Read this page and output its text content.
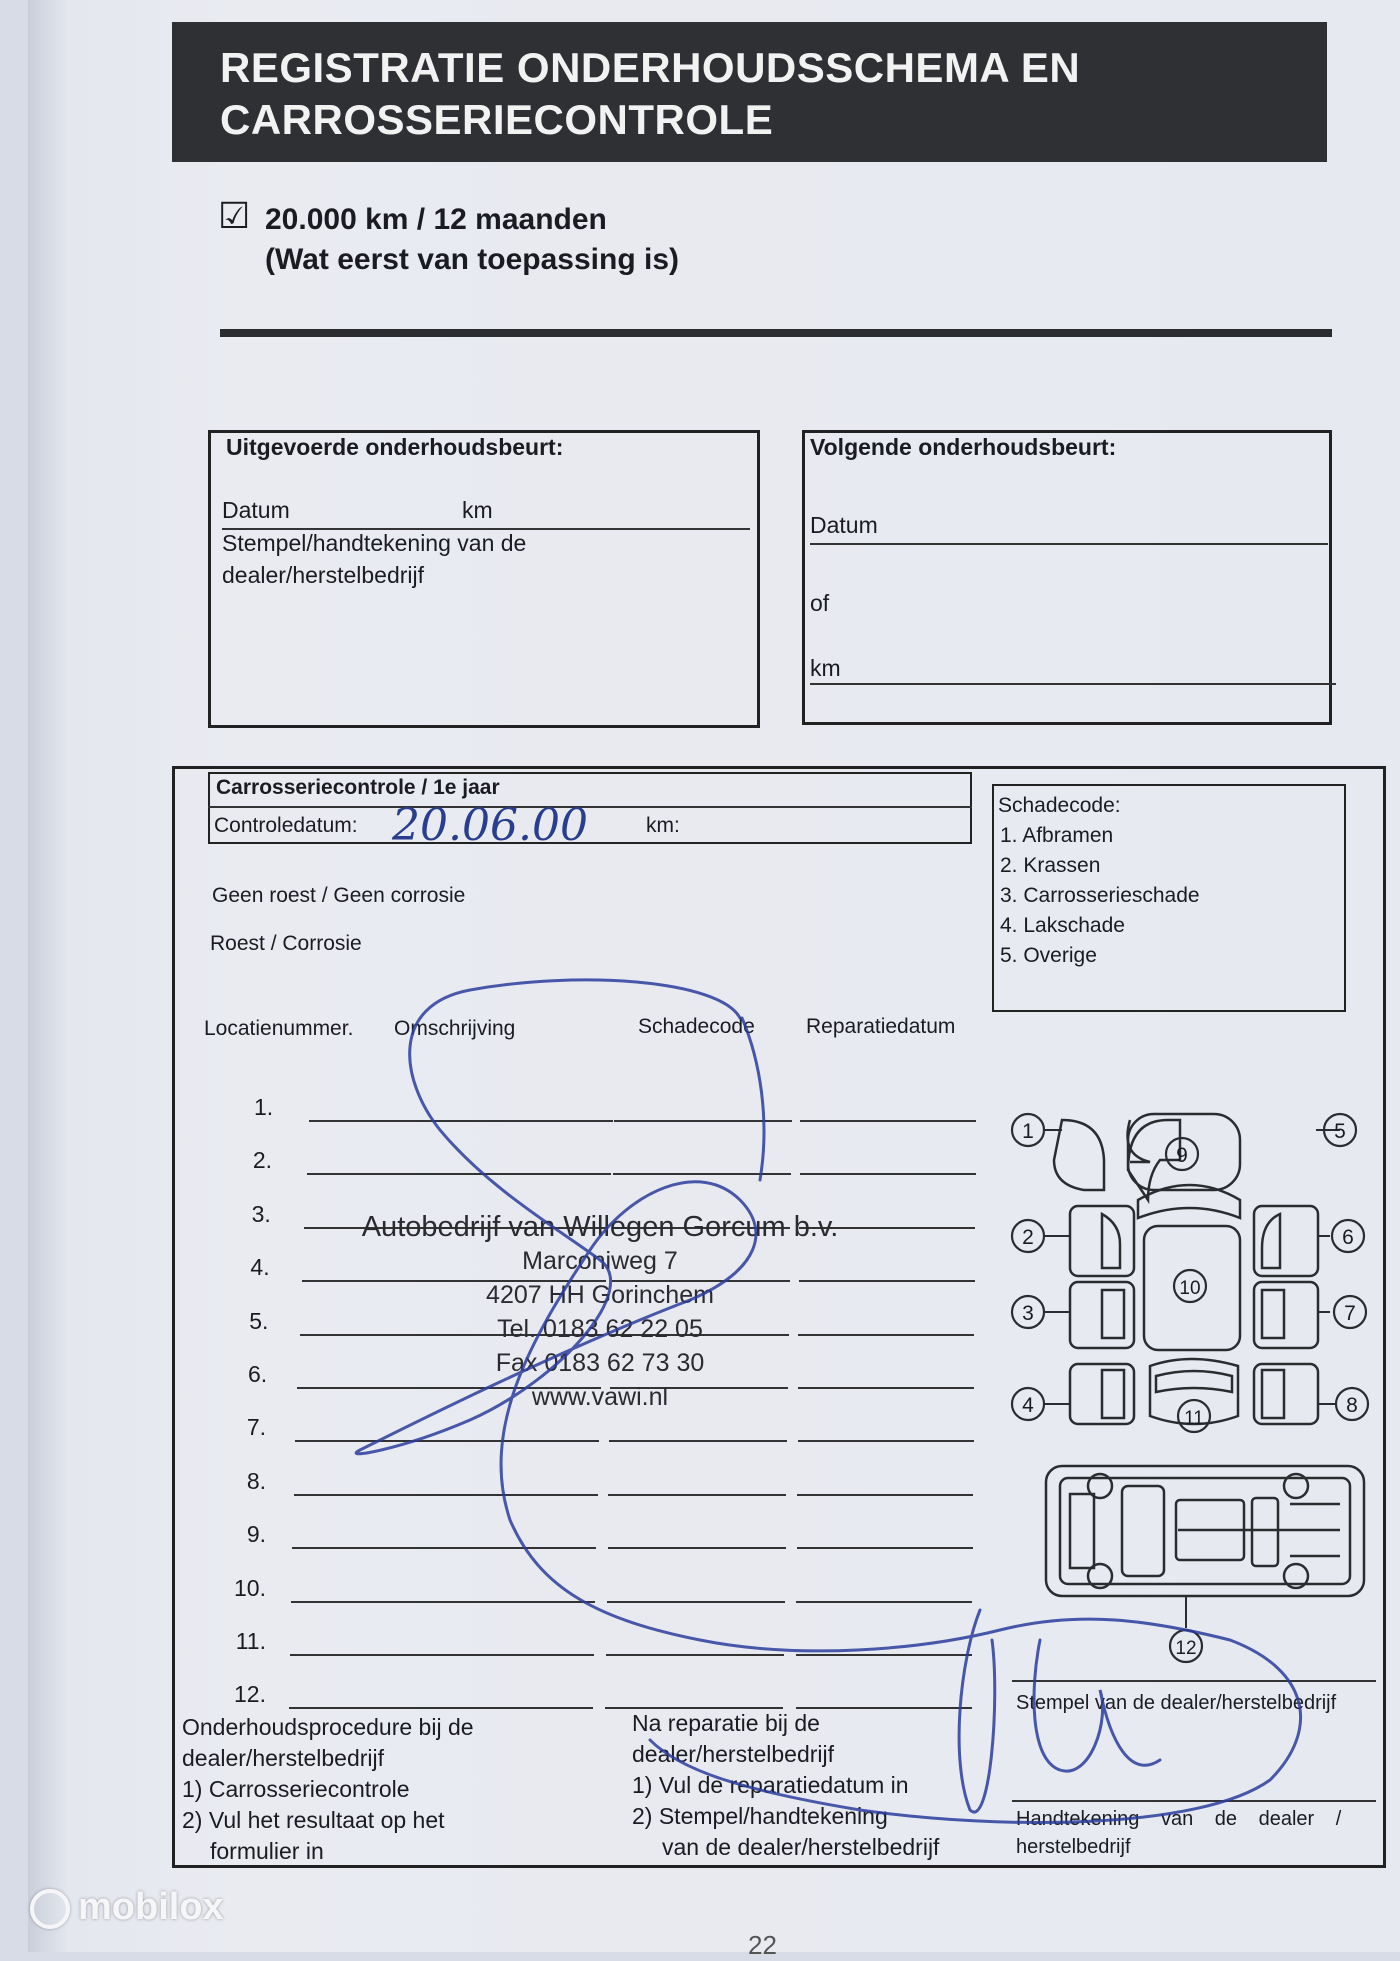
REGISTRATIE ONDERHOUDSSCHEMA EN
CARROSSERIECONTROLE
☑ 20.000 km / 12 maanden
(Wat eerst van toepassing is)
Uitgevoerde onderhoudsbeurt:
Datum	km
Stempel/handtekening van de
dealer/herstelbedrijf
Volgende onderhoudsbeurt:
Datum
of
km
Carrosseriecontrole / 1e jaar
Controledatum: 20.06.00	km:
Geen roest / Geen corrosie
Roest / Corrosie
Schadecode:
1. Afbramen
2. Krassen
3. Carrosserieschade
4. Lakschade
5. Overige
Locatienummer. Omschrijving	Schadecode Reparatiedatum
1.
2.
3.
4.
5.
6.
7.
8.
9.
10.
11.
12.
1
2
3
4
5
6
7
8
9
10
11
12
Autobedrijf van Willegen Gorcum b.v.
Marconiweg 7
4207 HH Gorinchem
Tel. 0183 62 22 05
Fax 0183 62 73 30
www.vawi.nl
Onderhoudsprocedure bij de
dealer/herstelbedrijf
1) Carrosseriecontrole
2) Vul het resultaat op het
formulier in
Na reparatie bij de
dealer/herstelbedrijf
1) Vul de reparatiedatum in
2) Stempel/handtekening
van de dealer/herstelbedrijf
Stempel van de dealer/herstelbedrijf
Handtekening van de dealer /
herstelbedrijf
mobilox
22
